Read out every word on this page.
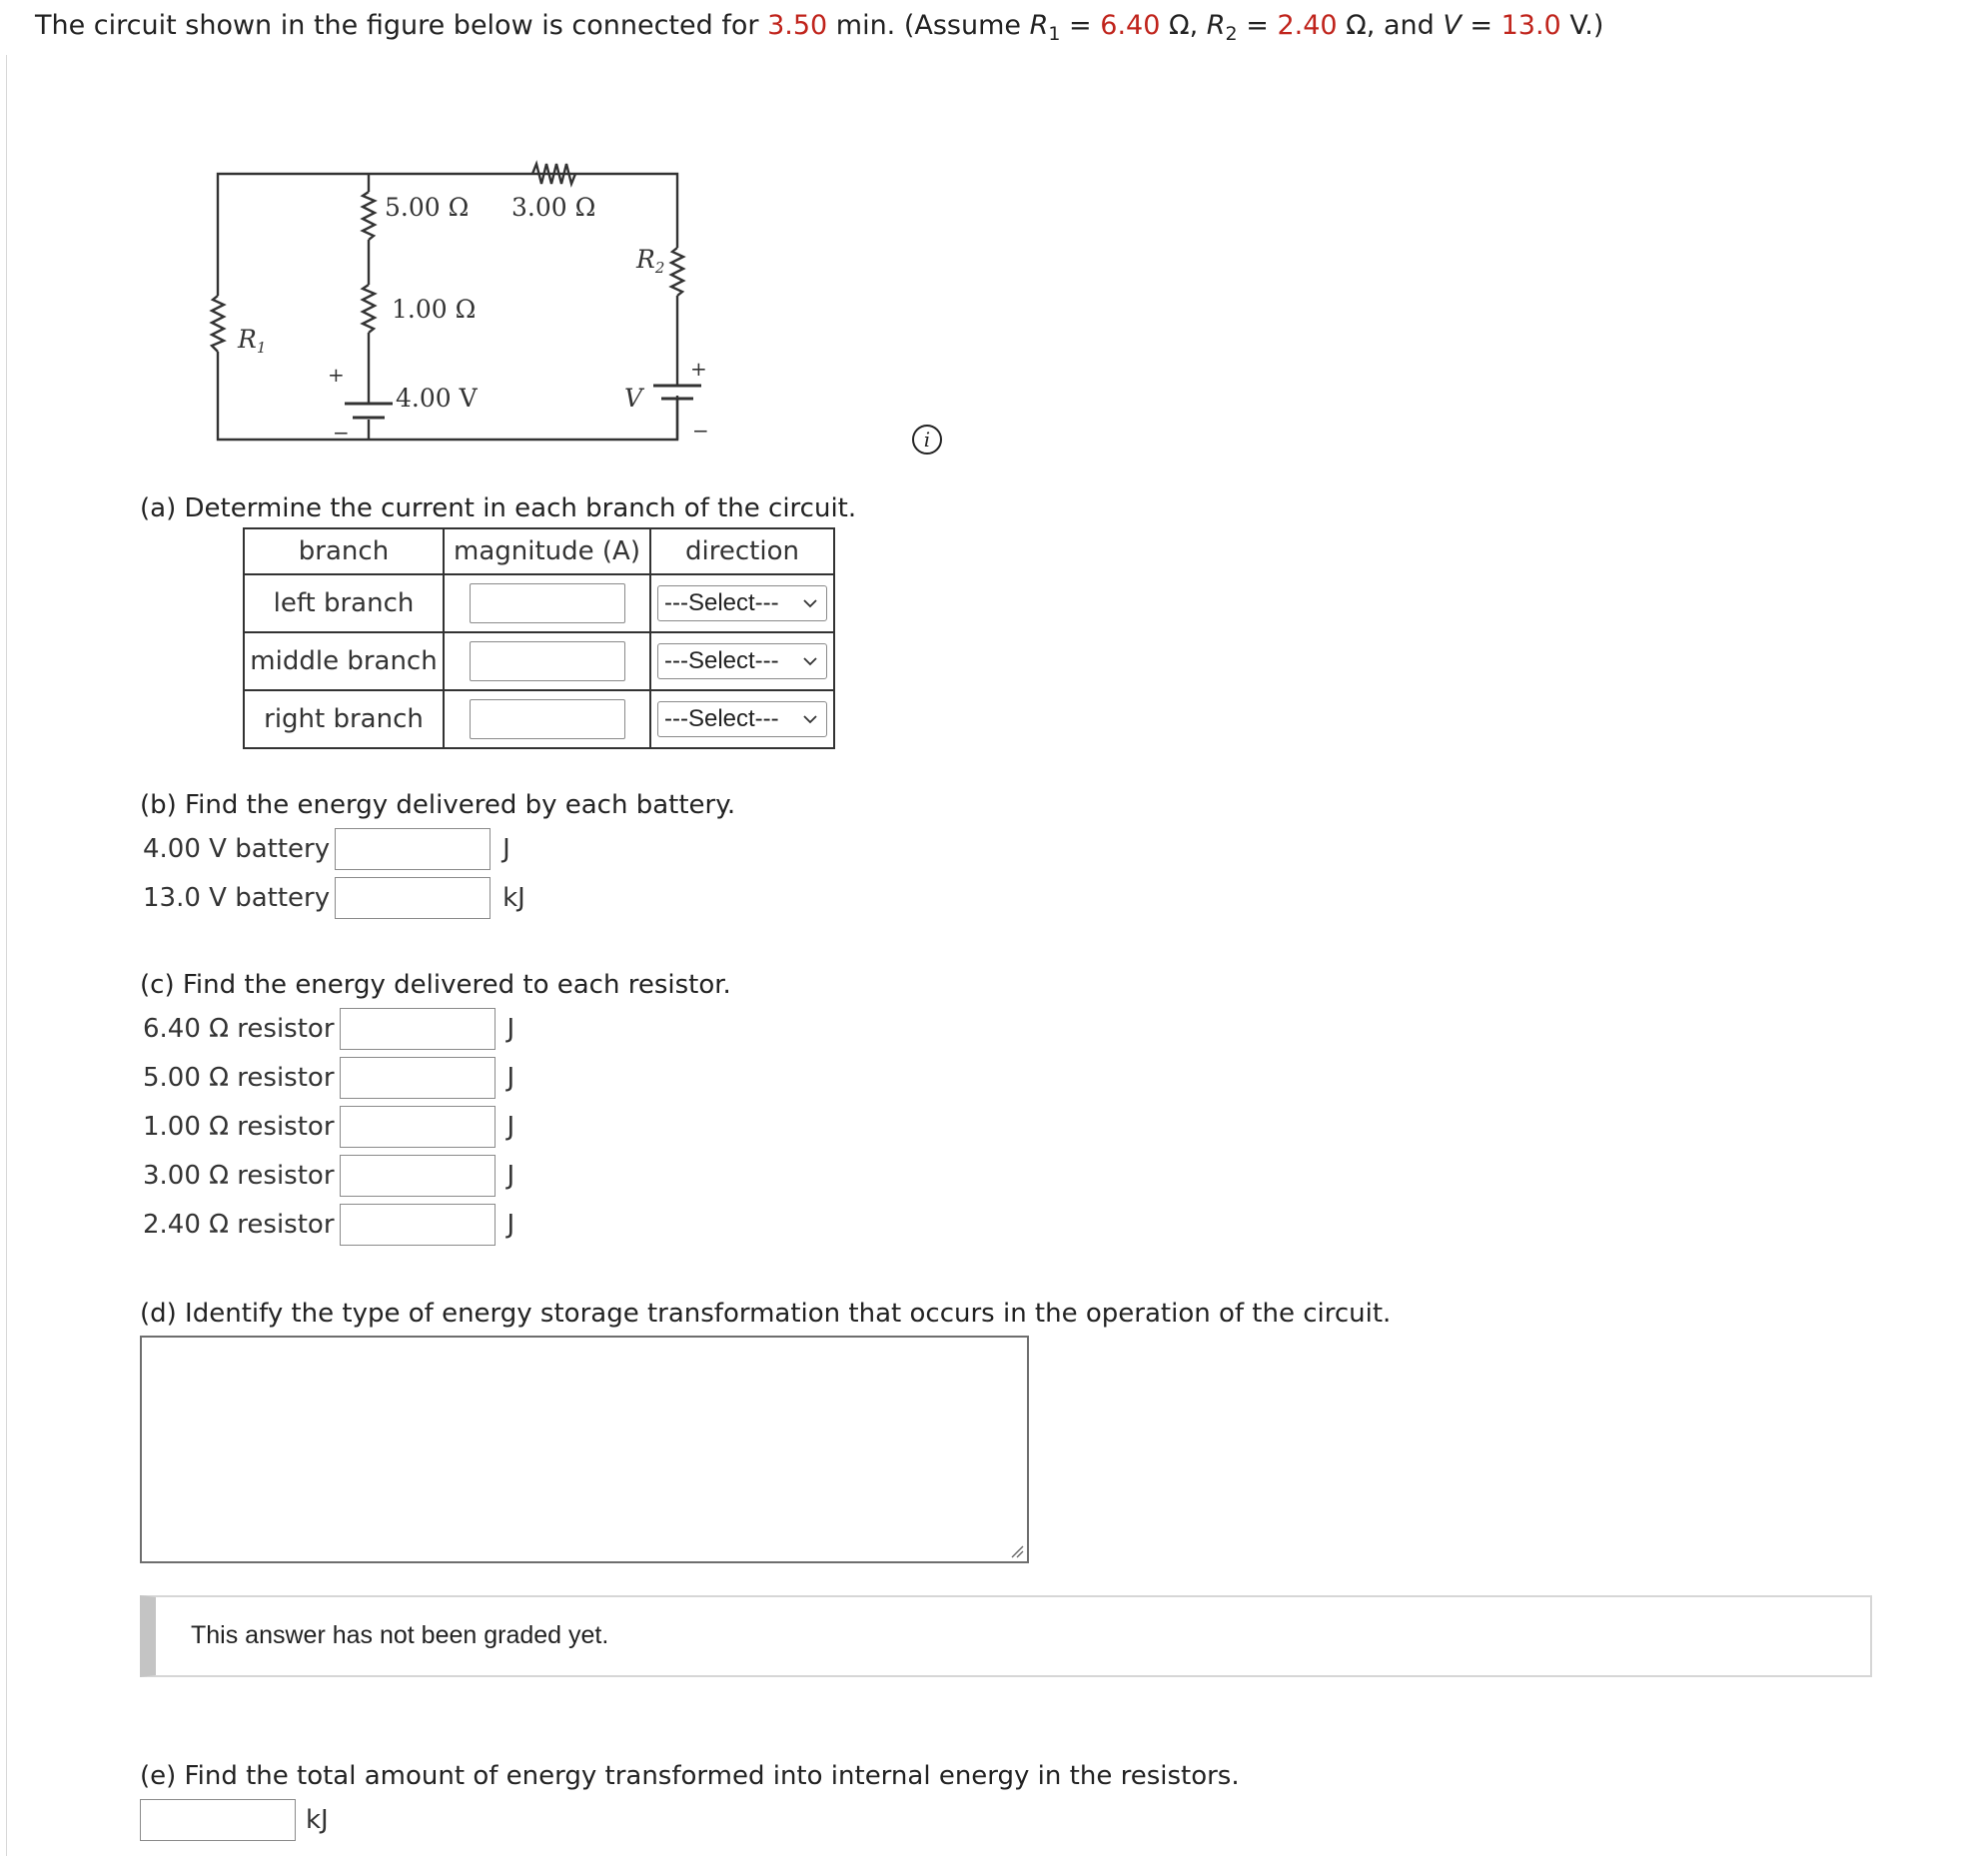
The circuit shown in the figure below is connected for 3.50 min. (Assume $R_1 = 6.40$ Ω, $R_2 = 2.40$ Ω, and V = 13.0 V.)
5.00 Ω 3.00 Ω
1.00 Ω
4.00 V
$R_1$
$R_2$
V
+
−
+
−	i
(a) Determine the current in each branch of the circuit.
branch	magnitude (A)	direction
left branch		---Select---

middle branch		---Select---

right branch		---Select---
(b) Find the energy delivered by each battery.
4.00 V battery	J
13.0 V battery	kJ
(c) Find the energy delivered to each resistor.
6.40 Ω resistor	J
5.00 Ω resistor	J
1.00 Ω resistor	J
3.00 Ω resistor	J
2.40 Ω resistor	J
(d) Identify the type of energy storage transformation that occurs in the operation of the circuit.
This answer has not been graded yet.
(e) Find the total amount of energy transformed into internal energy in the resistors.
kJ
